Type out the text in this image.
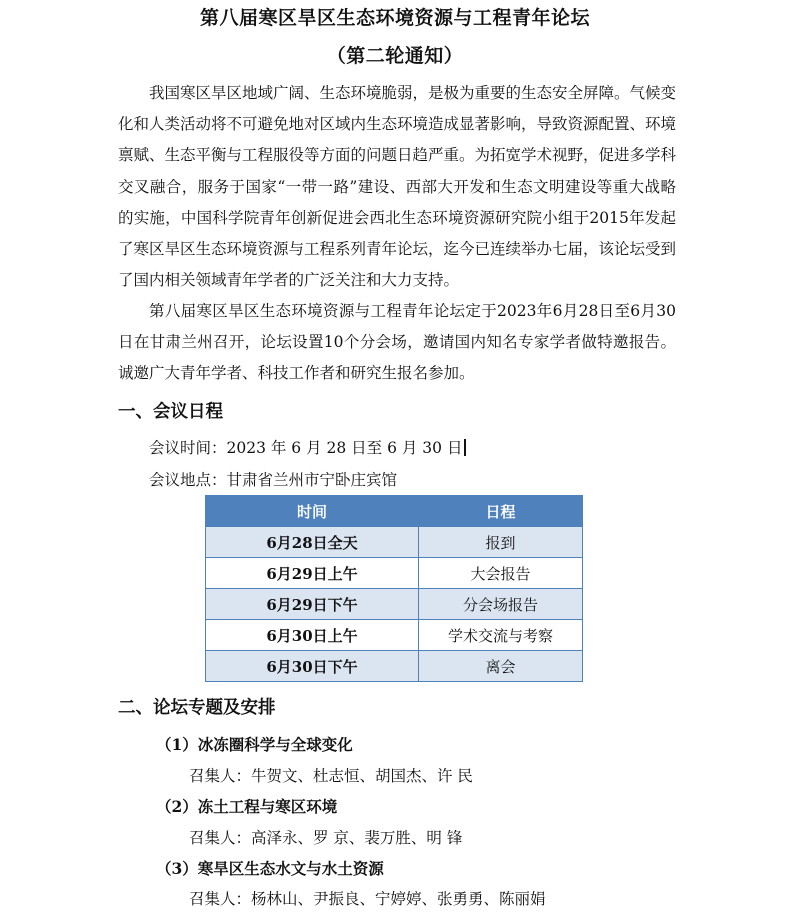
第八届寒区旱区生态环境资源与工程青年论坛
（第二轮通知）

我国寒区旱区地域广阔、生态环境脆弱，是极为重要的生态安全屏障。气候变化和人类活动将不可避免地对区域内生态环境造成显著影响，导致资源配置、环境禀赋、生态平衡与工程服役等方面的问题日趋严重。为拓宽学术视野，促进多学科交叉融合，服务于国家“一带一路”建设、西部大开发和生态文明建设等重大战略的实施，中国科学院青年创新促进会西北生态环境资源研究院小组于2015年发起了寒区旱区生态环境资源与工程系列青年论坛，迄今已连续举办七届，该论坛受到了国内相关领域青年学者的广泛关注和大力支持。

第八届寒区旱区生态环境资源与工程青年论坛定于2023年6月28日至6月30日在甘肃兰州召开，论坛设置10个分会场，邀请国内知名专家学者做特邀报告。诚邀广大青年学者、科技工作者和研究生报名参加。

一、会议日程
会议时间：2023 年 6 月 28 日至 6 月 30 日
会议地点：甘肃省兰州市宁卧庄宾馆
时间	日程
6月28日全天	报到
6月29日上午	大会报告
6月29日下午	分会场报告
6月30日上午	学术交流与考察
6月30日下午	离会
二、论坛专题及安排
（1）冰冻圈科学与全球变化
召集人：牛贺文、杜志恒、胡国杰、许 民
（2）冻土工程与寒区环境
召集人：高泽永、罗 京、裴万胜、明 锋
（3）寒旱区生态水文与水土资源
召集人：杨林山、尹振良、宁婷婷、张勇勇、陈丽娟
